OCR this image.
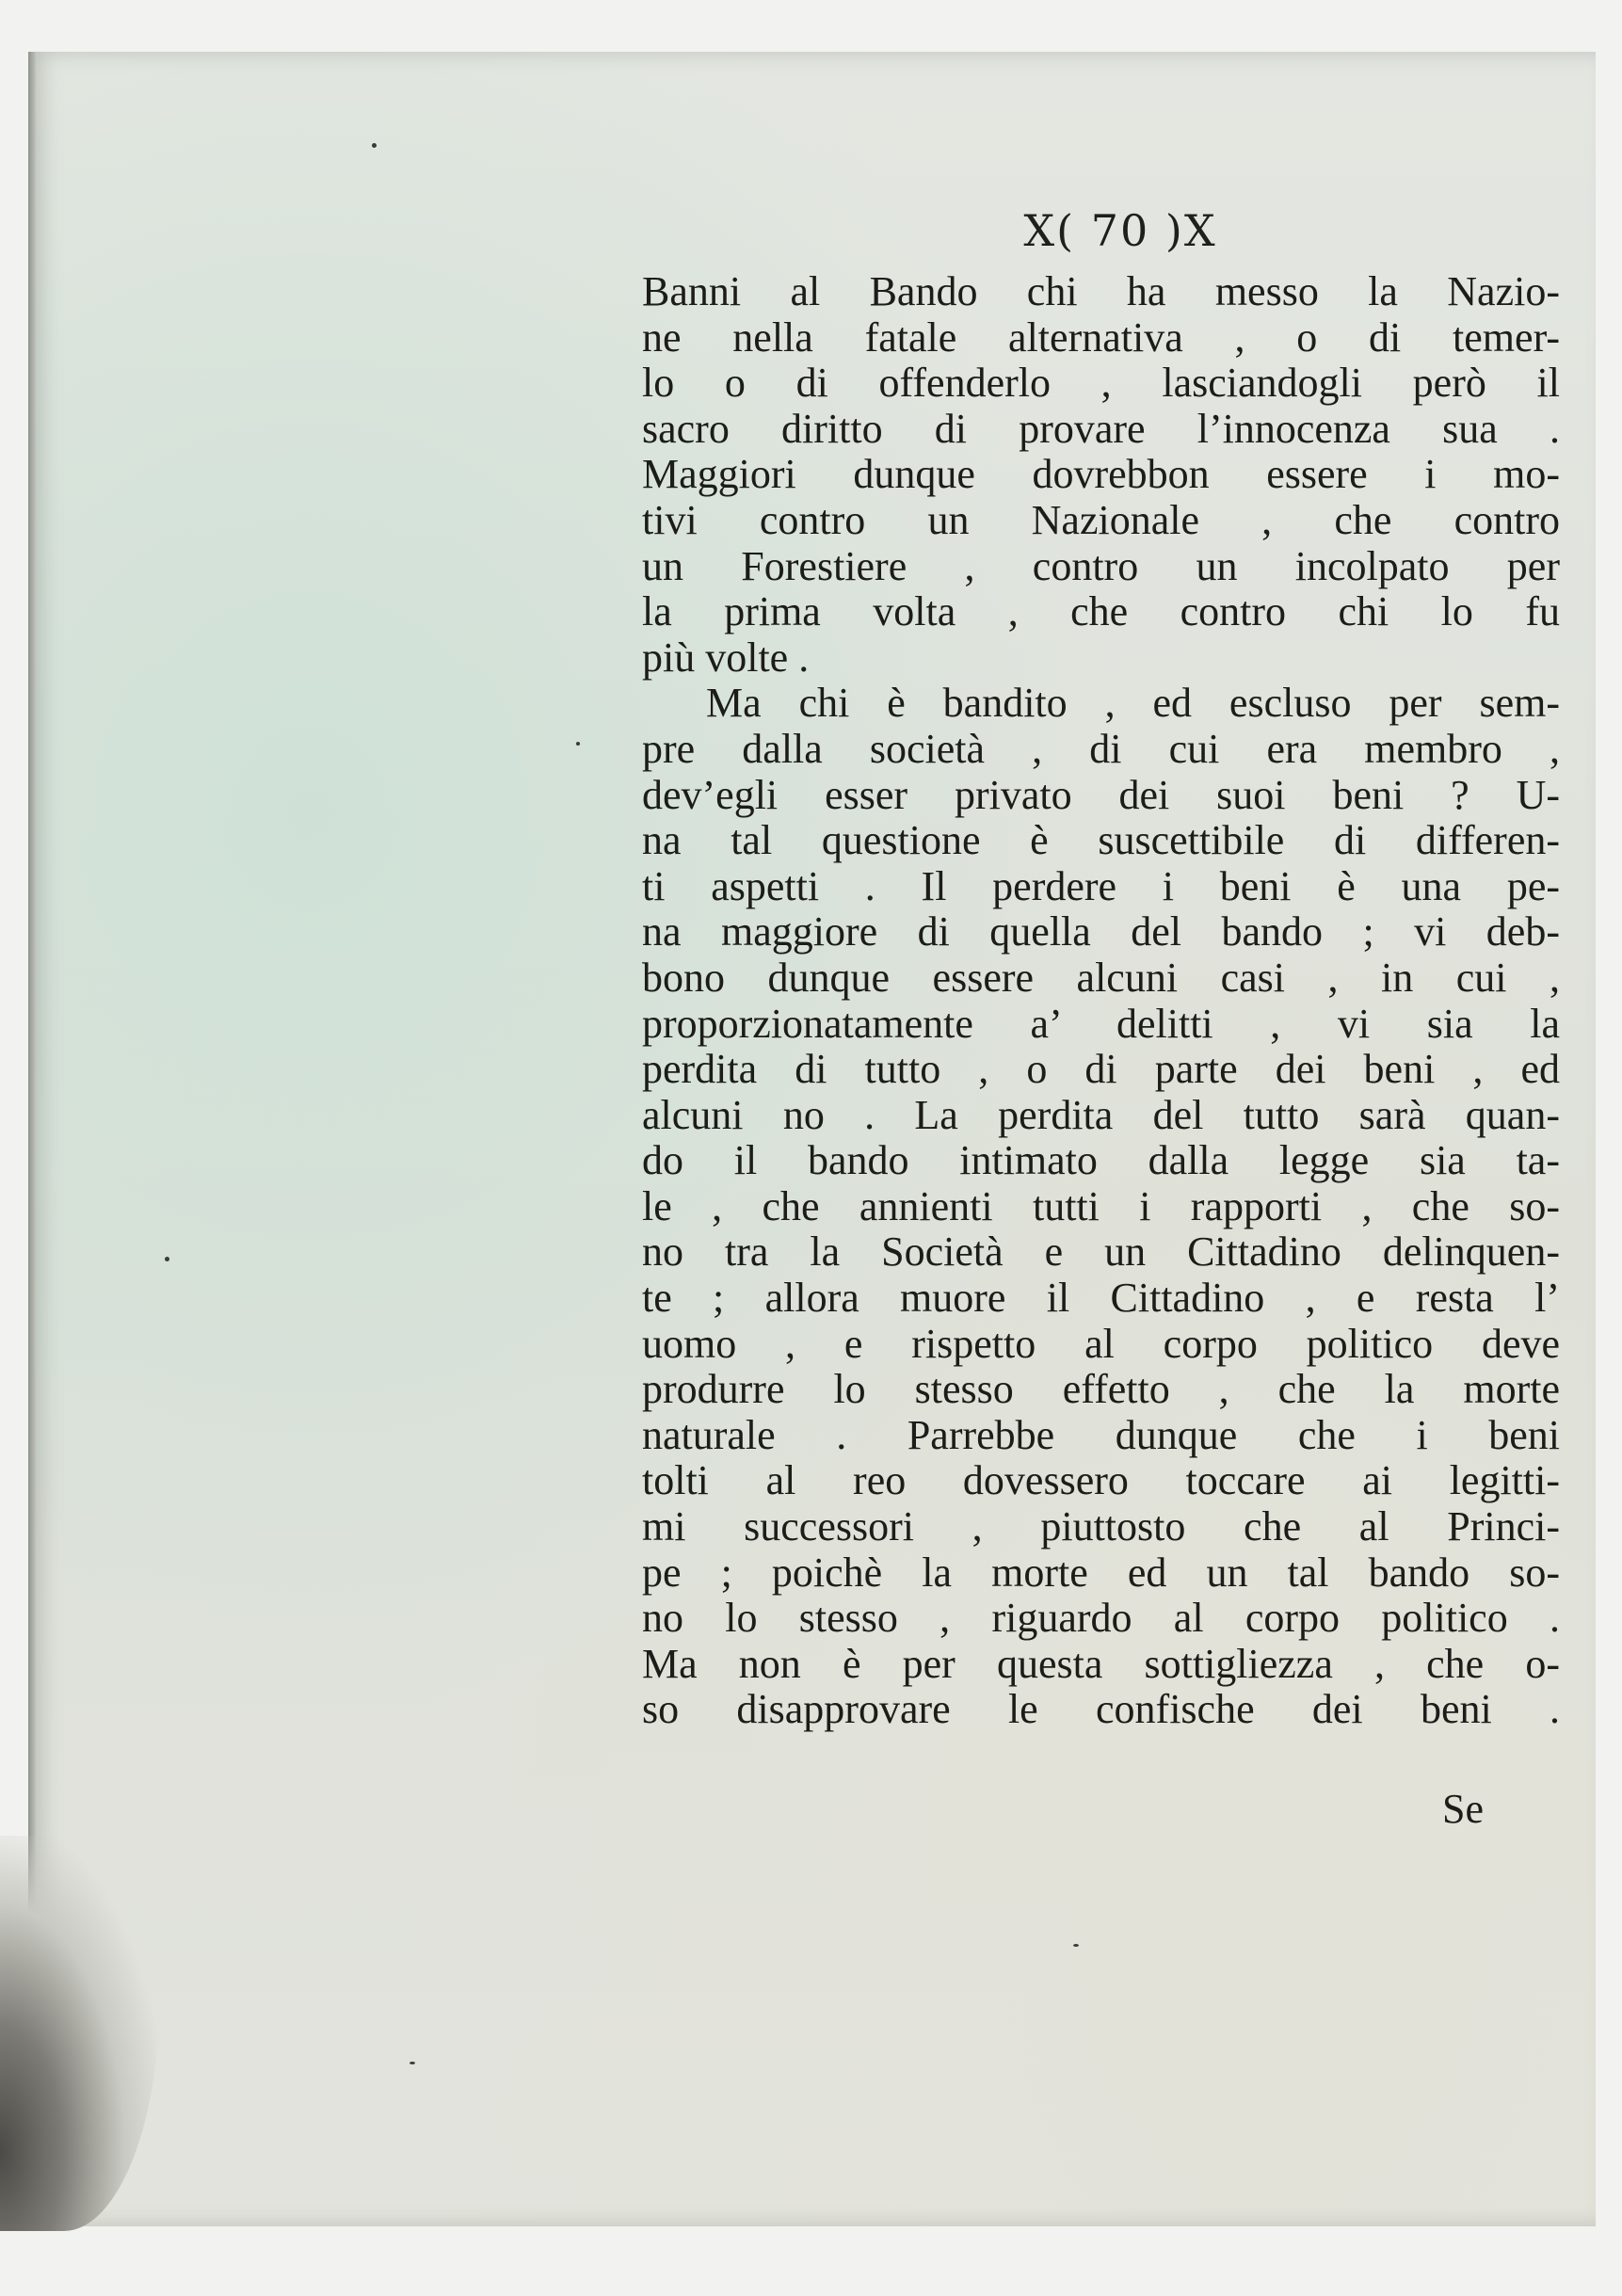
X( 70 )X
Banni al Bando chi ha messo la Nazio-
ne nella fatale alternativa , o di temer-
lo o di offenderlo , lasciandogli però il
sacro diritto di provare l’innocenza sua .
Maggiori dunque dovrebbon essere i mo-
tivi contro un Nazionale , che contro
un Forestiere , contro un incolpato per
la prima volta , che contro chi lo fu
più volte .
Ma chi è bandito , ed escluso per sem-
pre dalla società , di cui era membro ,
dev’egli esser privato dei suoi beni ? U-
na tal questione è suscettibile di differen-
ti aspetti . Il perdere i beni è una pe-
na maggiore di quella del bando ; vi deb-
bono dunque essere alcuni casi , in cui ,
proporzionatamente a’ delitti , vi sia la
perdita di tutto , o di parte dei beni , ed
alcuni no . La perdita del tutto sarà quan-
do il bando intimato dalla legge sia ta-
le , che annienti tutti i rapporti , che so-
no tra la Società e un Cittadino delinquen-
te ; allora muore il Cittadino , e resta l’
uomo , e rispetto al corpo politico deve
produrre lo stesso effetto , che la morte
naturale . Parrebbe dunque che i beni
tolti al reo dovessero toccare ai legitti-
mi successori , piuttosto che al Princi-
pe ; poichè la morte ed un tal bando so-
no lo stesso , riguardo al corpo politico .
Ma non è per questa sottigliezza , che o-
so disapprovare le confische dei beni .
Se
